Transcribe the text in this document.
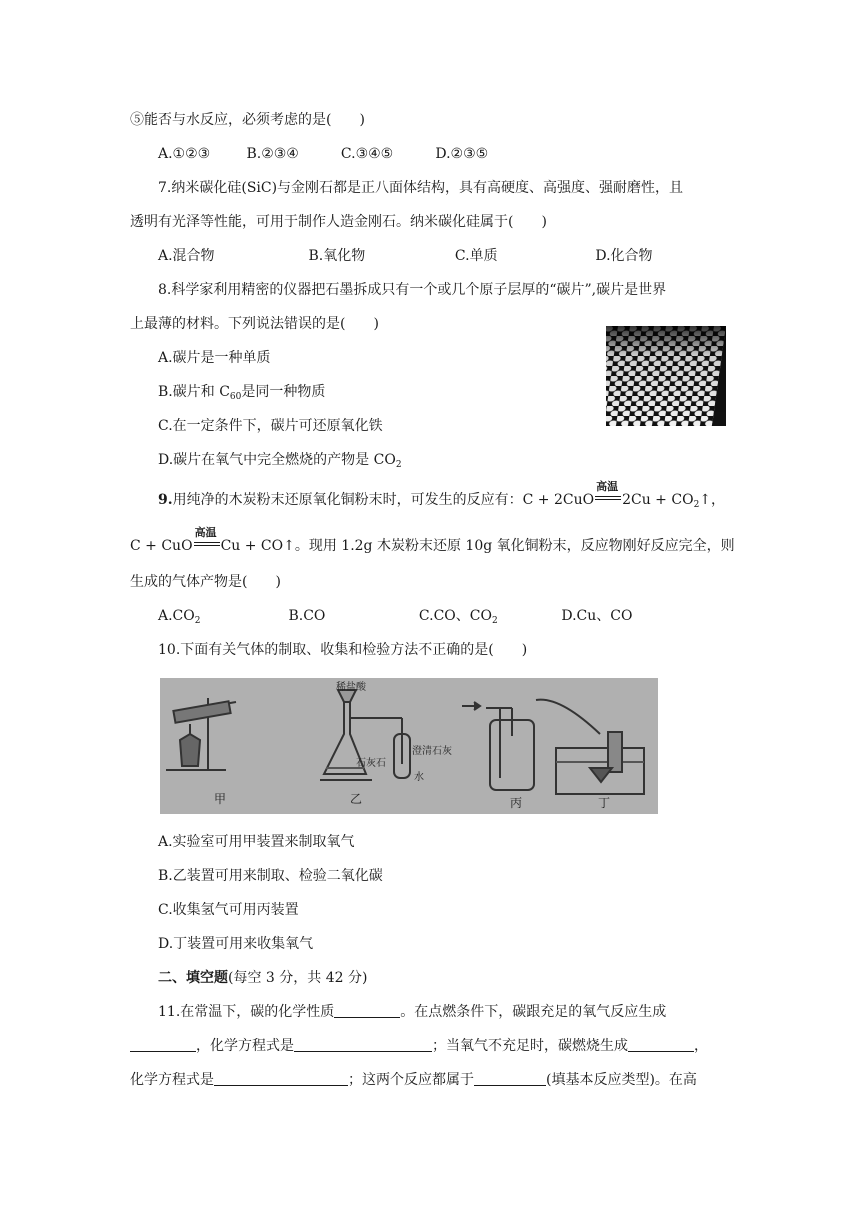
⑤能否与水反应，必须考虑的是(　　)
A.①②③	B.②③④	C.③④⑤	D.②③⑤
7.纳米碳化硅(SiC)与金刚石都是正八面体结构，具有高硬度、高强度、强耐磨性，且
透明有光泽等性能，可用于制作人造金刚石。纳米碳化硅属于(　　)
A.混合物	B.氧化物	C.单质	D.化合物
8.科学家利用精密的仪器把石墨拆成只有一个或几个原子层厚的“碳片”,碳片是世界
上最薄的材料。下列说法错误的是(　　)
A.碳片是一种单质
B.碳片和 $C_{60}$是同一种物质
C.在一定条件下，碳片可还原氧化铁
D.碳片在氧气中完全燃烧的产物是 $CO_2$
9.用纯净的木炭粉末还原氧化铜粉末时，可发生的反应有：C + 2CuO
高温
$2Cu + CO_2↑$，
C + CuO
高温
Cu + CO↑。现用 1.2g 木炭粉末还原 10g 氧化铜粉末，反应物刚好反应完全，则
生成的气体产物是(　　)
$A.CO_2$	B.CO	C.CO、$CO_2$	D.Cu、CO
10.下面有关气体的制取、收集和检验方法不正确的是(　　)
甲	乙	丙	丁
稀盐酸
石灰石
澄清石灰
水
A.实验室可用甲装置来制取氧气
B.乙装置可用来制取、检验二氧化碳
C.收集氢气可用丙装置
D.丁装置可用来收集氧气
二、填空题(每空 3 分，共 42 分)
11.在常温下，碳的化学性质	。在点燃条件下，碳跟充足的氧气反应生成
，化学方程式是	；当氧气不充足时，碳燃烧生成	，
化学方程式是	；这两个反应都属于	(填基本反应类型)。在高
